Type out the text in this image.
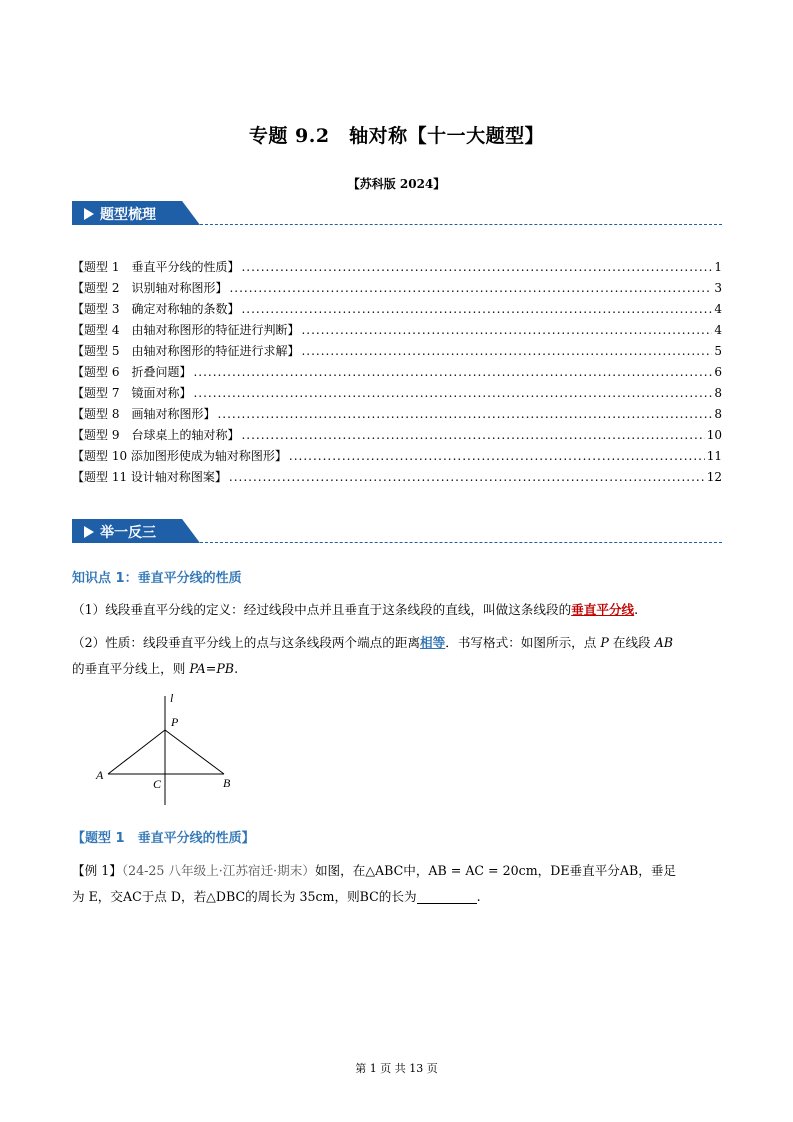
专题 9.2　轴对称【十一大题型】
【苏科版 2024】
题型梳理
【题型 1　垂直平分线的性质】 .....	1
【题型 2　识别轴对称图形】 .....	3
【题型 3　确定对称轴的条数】 .....	4
【题型 4　由轴对称图形的特征进行判断】 .....	4
【题型 5　由轴对称图形的特征进行求解】 .....	5
【题型 6　折叠问题】 .....	6
【题型 7　镜面对称】 .....	8
【题型 8　画轴对称图形】 .....	8
【题型 9　台球桌上的轴对称】 .....	10
【题型 10 添加图形使成为轴对称图形】 .....	11
【题型 11 设计轴对称图案】 .....	12
举一反三
知识点 1：垂直平分线的性质
（1）线段垂直平分线的定义：经过线段中点并且垂直于这条线段的直线，叫做这条线段的垂直平分线.
（2）性质：线段垂直平分线上的点与这条线段两个端点的距离相等．书写格式：如图所示，点 P 在线段 AB
的垂直平分线上，则 PA=PB.
l
P
A
C	B
【题型 1　垂直平分线的性质】
【例 1】（24-25 八年级上·江苏宿迁·期末）如图，在△ABC中，AB = AC = 20cm，DE垂直平分AB，垂足
为 E，交AC于点 D，若△DBC的周长为 35cm，则BC的长为	.
第 1 页 共 13 页
